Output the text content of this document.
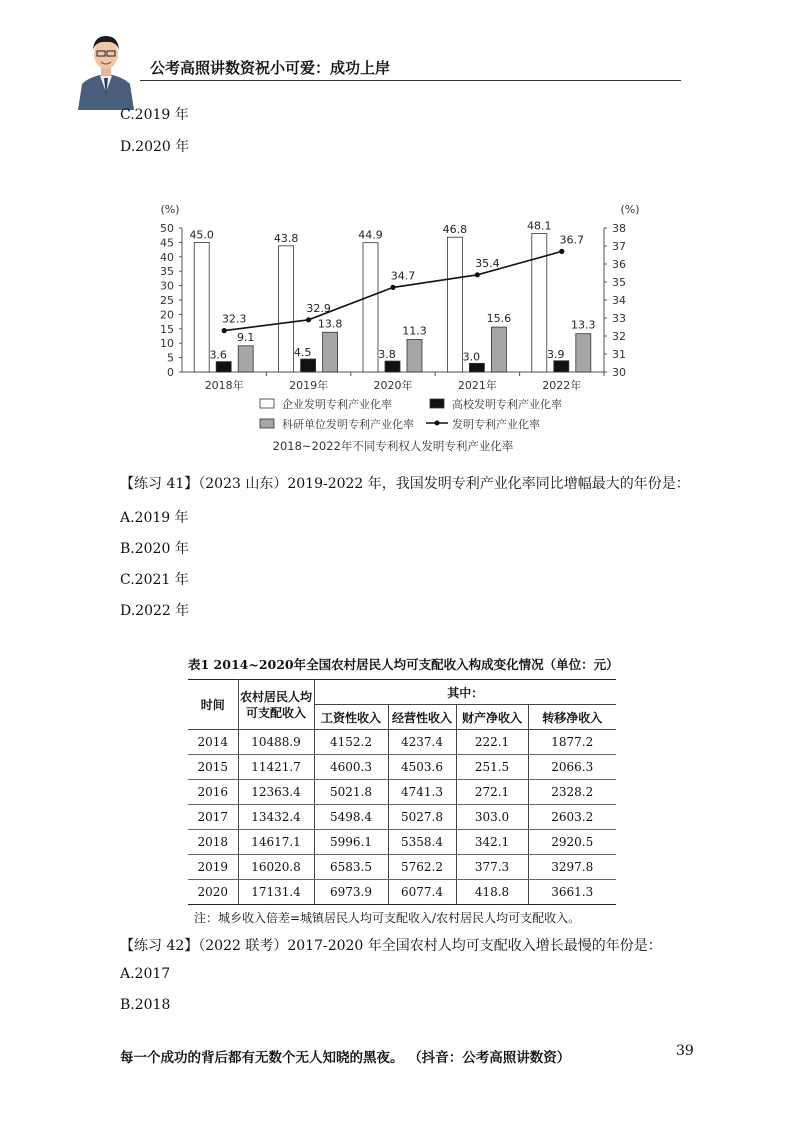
公考高照讲数资祝小可爱：成功上岸
C.2019 年
D.2020 年
(%)	(%)
0
5
10
15
20
25
30
35
40
45
50
30
31
32
33
34
35
36
37
38
2018年
45.0
3.6
9.1
2019年
43.8
4.5
13.8
2020年
44.9
3.8
11.3
2021年
46.8
3.0
15.6
2022年
48.1
3.9
13.3
32.3
32.9
34.7
35.4
36.7
企业发明专利产业化率	高校发明专利产业化率
科研单位发明专利产业化率	发明专利产业化率
2018~2022年不同专利权人发明专利产业化率
【练习 41】（2023 山东）2019-2022 年，我国发明专利产业化率同比增幅最大的年份是：
A.2019 年
B.2020 年
C.2021 年
D.2022 年
表1 2014~2020年全国农村居民人均可支配收入构成变化情况（单位：元）
时间	农村居民人均可支配收入	其中：			
		工资性收入	经营性收入	财产净收入	转移净收入
2014	10488.9	4152.2	4237.4	222.1	1877.2
2015	11421.7	4600.3	4503.6	251.5	2066.3
2016	12363.4	5021.8	4741.3	272.1	2328.2
2017	13432.4	5498.4	5027.8	303.0	2603.2
2018	14617.1	5996.1	5358.4	342.1	2920.5
2019	16020.8	6583.5	5762.2	377.3	3297.8
2020	17131.4	6973.9	6077.4	418.8	3661.3
注：城乡收入倍差=城镇居民人均可支配收入/农村居民人均可支配收入。
【练习 42】（2022 联考）2017-2020 年全国农村人均可支配收入增长最慢的年份是：
A.2017
B.2018
每一个成功的背后都有无数个无人知晓的黑夜。 （抖音：公考高照讲数资）	39
